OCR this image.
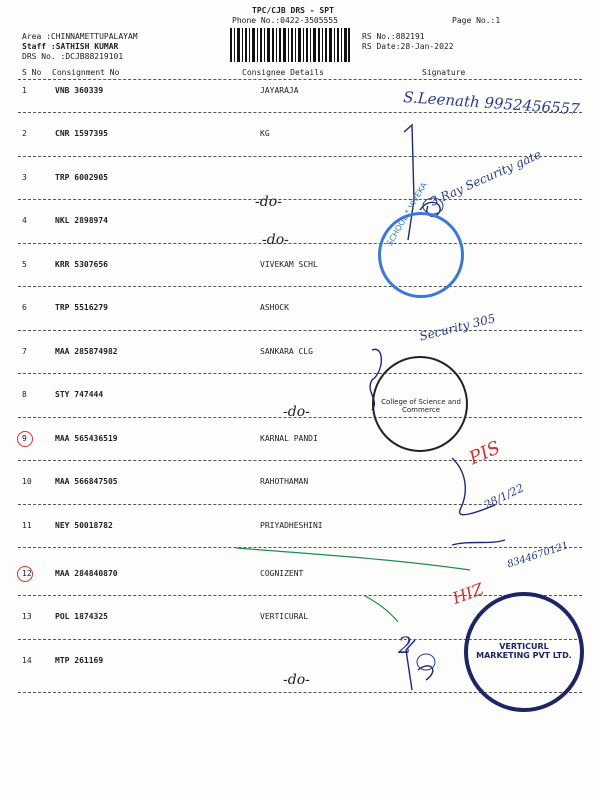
TPC/CJB DRS - SPT
Phone No.:0422-3505555	Page No.:1
Area :CHINNAMETTUPALAYAM
Staff :SATHISH KUMAR
DRS No. :DCJB88219101
RS No.:882191
RS Date:28-Jan-2022
S No Consignment No	Consignee Details	Signature
1	VNB 360339	JAYARAJA
2	CNR 1597395	KG
3	TRP 6002905
4	NKL 2898974
5	KRR 5307656	VIVEKAM SCHL
6	TRP 5516279	ASHOCK
7	MAA 285874982	SANKARA CLG
8	STY 747444
9	MAA 565436519	KARNAL PANDI
10	MAA 566847505	RAHOTHAMAN
11	NEY 50018782	PRIYADHESHINI
12	MAA 284840870	COGNIZENT
13	POL 1874325	VERTICURAL
14	MTP 261169
-do-
-do-
-do-
-do-
S.Leenath 9952456557
3 Ray Security gate
Security 305
PIS
28/1/22
8344670121
HIZ
2
SCHOOL * VIVEKA
College of Science and Commerce
VERTICURL MARKETING PVT LTD.
